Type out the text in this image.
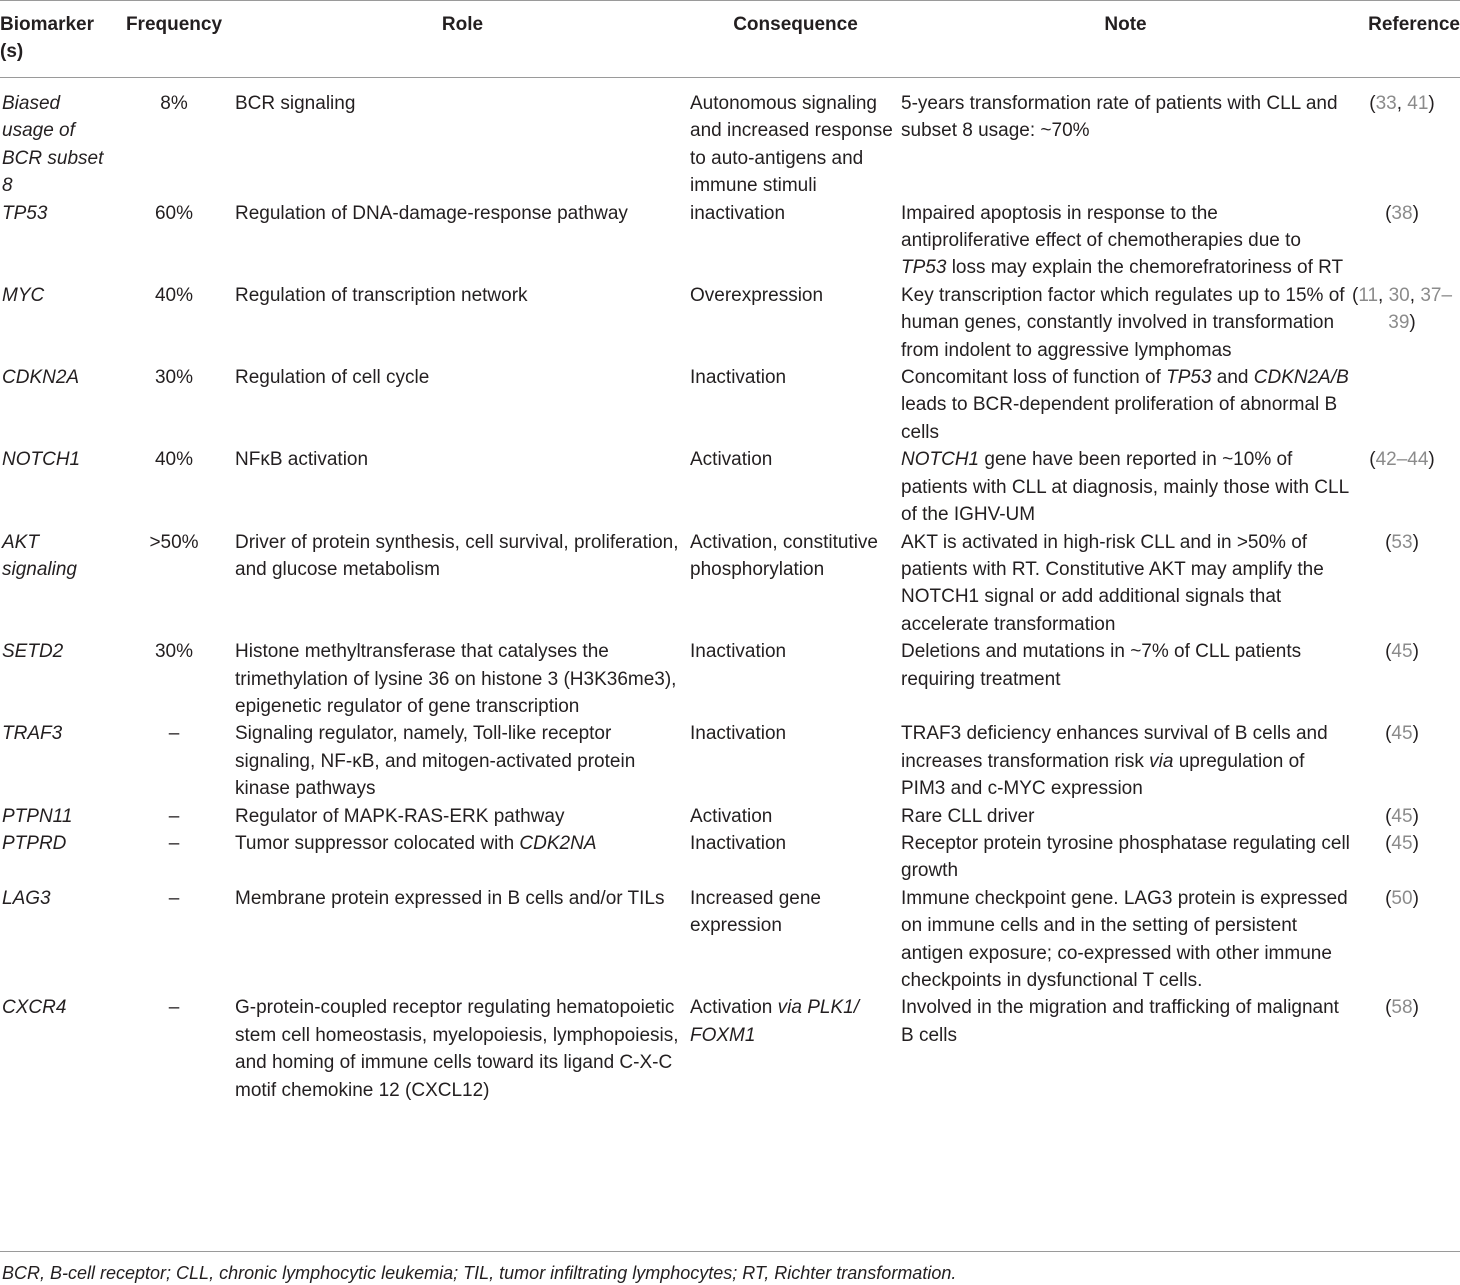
Biomarker (s)	Frequency	Role	Consequence	Note	Reference
Biased usage of BCR subset 8	8%	BCR signaling	Autonomous signaling and increased response to auto-antigens and immune stimuli	5-years transformation rate of patients with CLL and subset 8 usage: ~70%	(33, 41)
TP53	60%	Regulation of DNA-damage-response pathway	inactivation	Impaired apoptosis in response to the antiproliferative effect of chemotherapies due to TP53 loss may explain the chemorefratoriness of RT	(38)
MYC	40%	Regulation of transcription network	Overexpression	Key transcription factor which regulates up to 15% of human genes, constantly involved in transformation from indolent to aggressive lymphomas	(11, 30, 37–39)
CDKN2A	30%	Regulation of cell cycle	Inactivation	Concomitant loss of function of TP53 and CDKN2A/B leads to BCR-dependent proliferation of abnormal B cells	
NOTCH1	40%	NFκB activation	Activation	NOTCH1 gene have been reported in ~10% of patients with CLL at diagnosis, mainly those with CLL of the IGHV-UM	(42–44)
AKT signaling	>50%	Driver of protein synthesis, cell survival, proliferation, and glucose metabolism	Activation, constitutive phosphorylation	AKT is activated in high-risk CLL and in >50% of patients with RT. Constitutive AKT may amplify the NOTCH1 signal or add additional signals that accelerate transformation	(53)
SETD2	30%	Histone methyltransferase that catalyses the trimethylation of lysine 36 on histone 3 (H3K36me3), epigenetic regulator of gene transcription	Inactivation	Deletions and mutations in ~7% of CLL patients requiring treatment	(45)
TRAF3	–	Signaling regulator, namely, Toll-like receptor signaling, NF-κB, and mitogen-activated protein kinase pathways	Inactivation	TRAF3 deficiency enhances survival of B cells and increases transformation risk via upregulation of PIM3 and c-MYC expression	(45)
PTPN11	–	Regulator of MAPK-RAS-ERK pathway	Activation	Rare CLL driver	(45)
PTPRD	–	Tumor suppressor colocated with CDK2NA	Inactivation	Receptor protein tyrosine phosphatase regulating cell growth	(45)
LAG3	–	Membrane protein expressed in B cells and/or TILs	Increased gene expression	Immune checkpoint gene. LAG3 protein is expressed on immune cells and in the setting of persistent antigen exposure; co-expressed with other immune checkpoints in dysfunctional T cells.	(50)
CXCR4	–	G-protein-coupled receptor regulating hematopoietic stem cell homeostasis, myelopoiesis, lymphopoiesis, and homing of immune cells toward its ligand C-X-C motif chemokine 12 (CXCL12)	Activation via PLK1/ FOXM1	Involved in the migration and trafficking of malignant B cells	(58)
BCR, B-cell receptor; CLL, chronic lymphocytic leukemia; TIL, tumor infiltrating lymphocytes; RT, Richter transformation.
